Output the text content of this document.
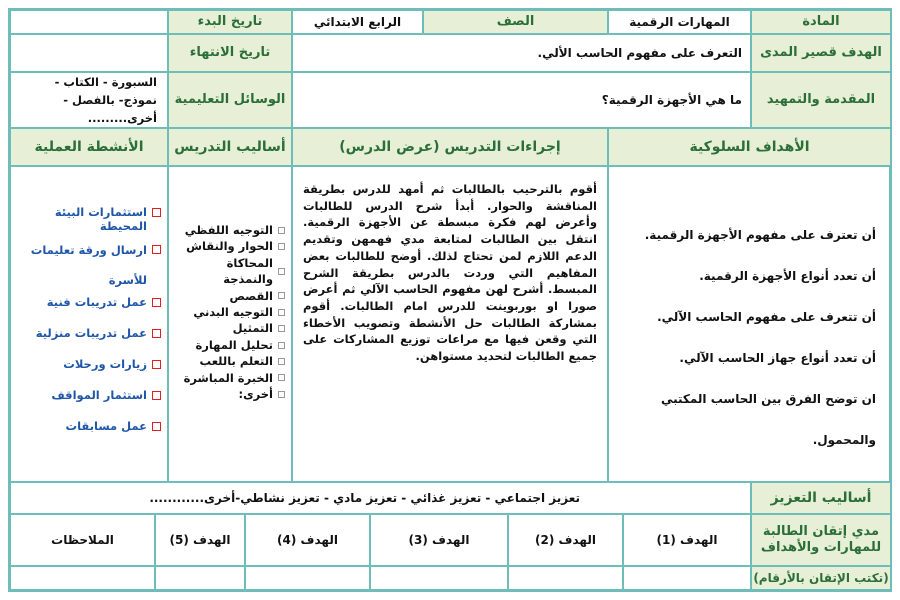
المادة
المهارات الرقمية
الصف
الرابع الابتدائي
تاريخ البدء
الهدف قصير المدى
التعرف على مفهوم الحاسب الألي.
تاريخ الانتهاء
المقدمة والتمهيد
ما هي الأجهزة الرقمية؟
الوسائل التعليمية
السبورة - الكتاب - نموذج- بالفصل - أخرى.........
الأهداف السلوكية
إجراءات التدريس (عرض الدرس)
أساليب التدريس
الأنشطة العملية
أن تعترف على مفهوم الأجهزة الرقمية.
أن تعدد أنواع الأجهزة الرقمية.
أن تتعرف على مفهوم الحاسب الآلي.
أن تعدد أنواع جهاز الحاسب الآلي.
ان توضح الفرق بين الحاسب المكتبي والمحمول.
أقوم بالترحيب بالطالبات ثم أمهد للدرس بطريقة المناقشة والحوار. أبدأ شرح الدرس للطالبات وأعرض لهم فكرة مبسطة عن الأجهزة الرقمية. انتقل بين الطالبات لمتابعة مدي فهمهن وتقديم الدعم اللازم لمن تحتاج لذلك. أوضح للطالبات بعض المفاهيم التي وردت بالدرس بطريقة الشرح المبسط. أشرح لهن مفهوم الحاسب الآلي ثم أعرض صورا او بوربوينت للدرس امام الطالبات. أقوم بمشاركة الطالبات حل الأنشطة وتصويب الأخطاء التي وقعن فيها مع مراعات توزيع المشاركات على جميع الطالبات لتحديد مستواهن.
التوجيه اللفظي
الحوار والنقاش
المحاكاة والنمذجة
القصص
التوجيه البدني
التمثيل
تحليل المهارة
التعلم باللعب
الخبرة المباشرة
أخرى:
استثمارات البيئة المحيطة
ارسال ورقة تعليمات للأسرة
عمل تدريبات فنية
عمل تدريبات منزلية
زيارات ورحلات
استثمار المواقف
عمل مسابقات
أساليب التعزيز
تعزيز اجتماعي - تعزيز غذائي - تعزيز مادي - تعزيز نشاطي-أخرى............
مدي إتقان الطالبة للمهارات والأهداف
الهدف (1)
الهدف (2)
الهدف (3)
الهدف (4)
الهدف (5)
الملاحظات
(تكتب الإتقان بالأرقام)
